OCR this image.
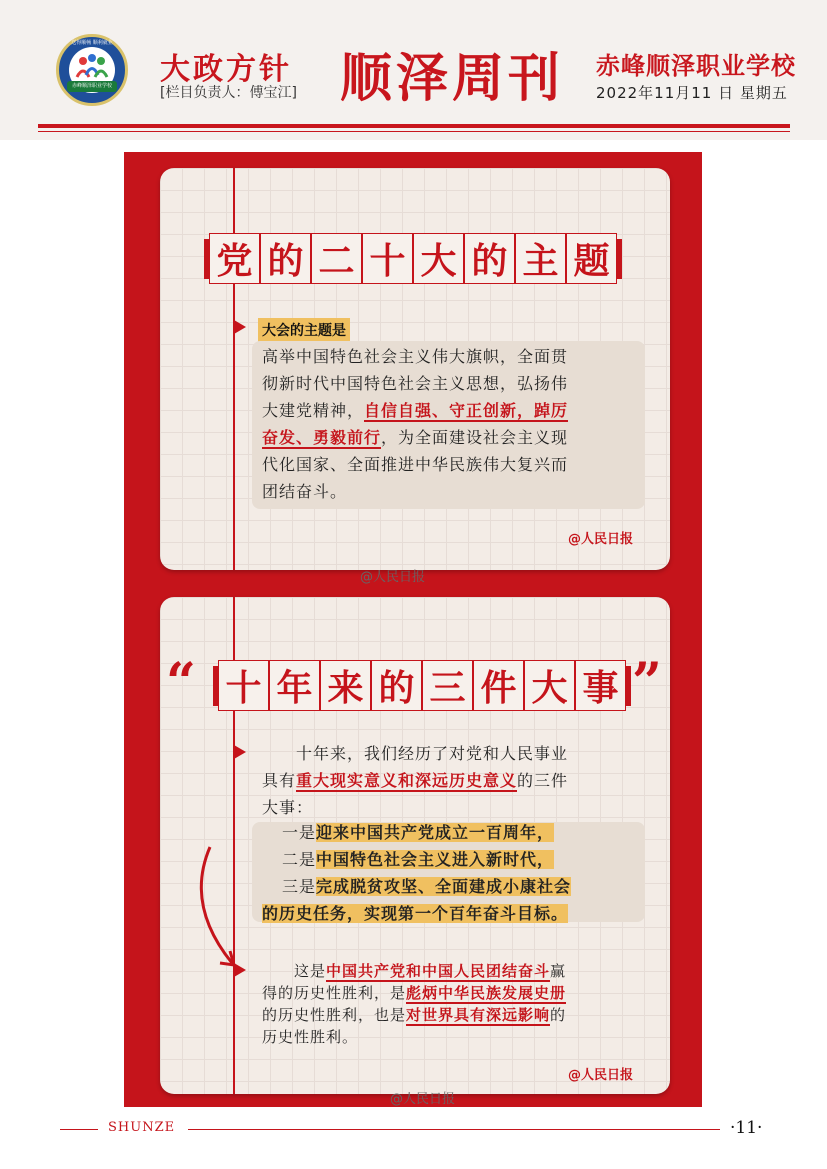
送得顺畅 顺利就业
赤峰顺泽职业学校 大政方针
[栏目负责人：傅宝江] 顺泽周刊 赤峰顺泽职业学校
2022年11月11 日 星期五
党 的 二 十 大 的 主 题
大会的主题是
高举中国特色社会主义伟大旗帜，全面贯
彻新时代中国特色社会主义思想，弘扬伟
大建党精神，自信自强、守正创新，踔厉
奋发、勇毅前行，为全面建设社会主义现
代化国家、全面推进中华民族伟大复兴而
团结奋斗。
@人民日报
@人民日报
“ 十 年 来 的 三 件 大 事 ”
　　十年来，我们经历了对党和人民事业
具有重大现实意义和深远历史意义的三件
大事：
一是迎来中国共产党成立一百周年，
二是中国特色社会主义进入新时代，
三是完成脱贫攻坚、全面建成小康社会
的历史任务，实现第一个百年奋斗目标。
　　这是中国共产党和中国人民团结奋斗赢
得的历史性胜利，是彪炳中华民族发展史册
的历史性胜利，也是对世界具有深远影响的
历史性胜利。
@人民日报
@人民日报
SHUNZE	·11·
